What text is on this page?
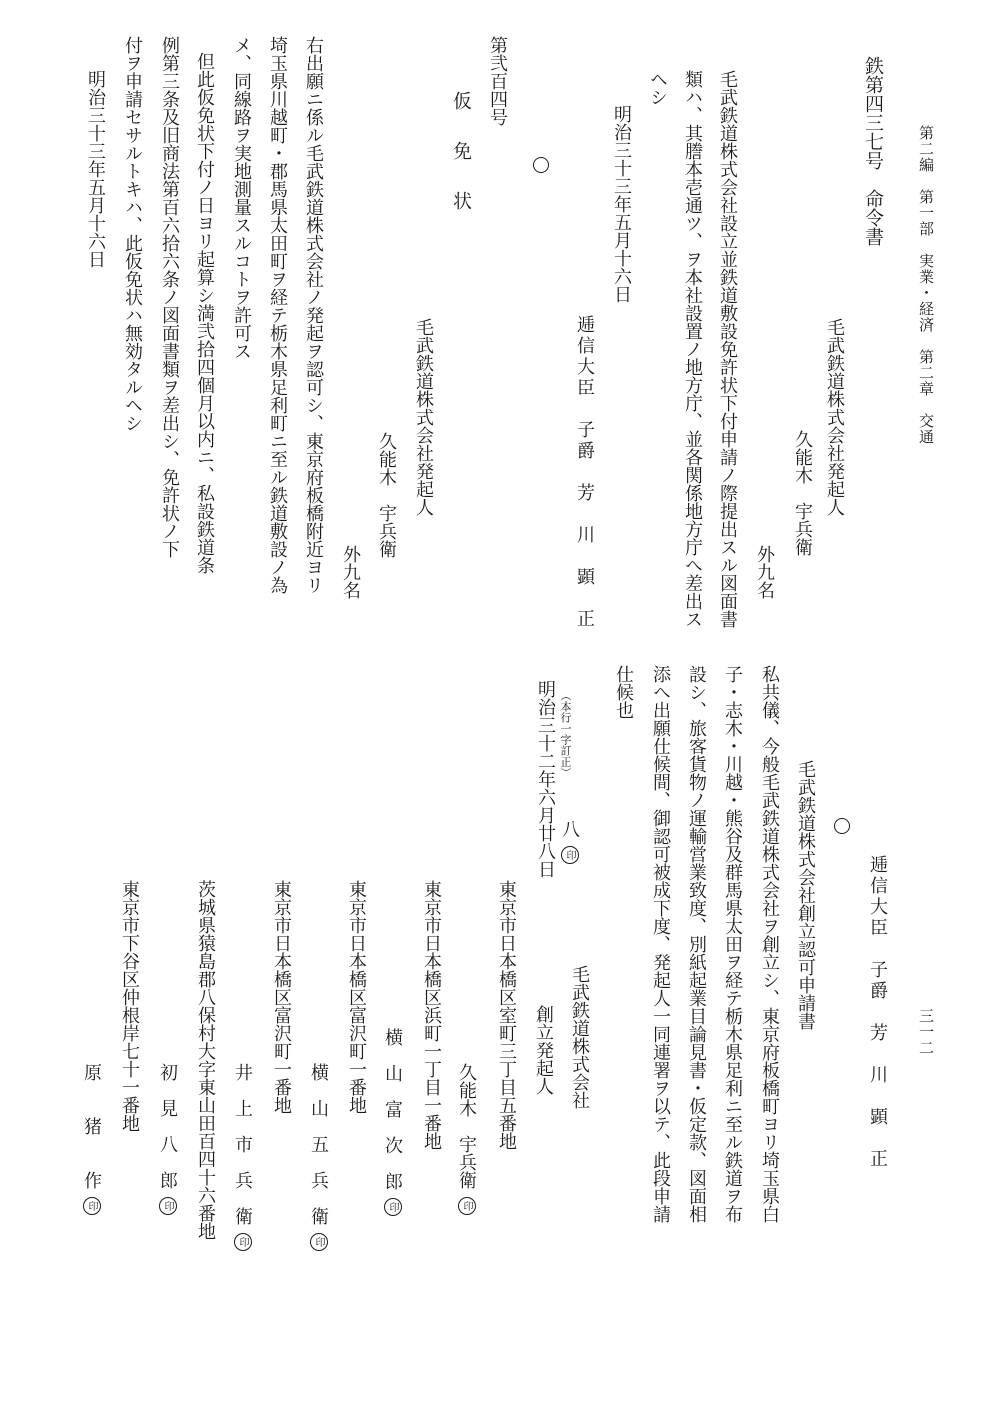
第二編　第一部　実業・経済　第二章　交通
三一二
鉄第四三七号　命令書
毛武鉄道株式会社発起人
久能木　宇兵衛
外九名
毛武鉄道株式会社設立並鉄道敷設免許状下付申請ノ際提出スル図面書
類ハ、其謄本壱通ツ、ヲ本社設置ノ地方庁、並各関係地方庁へ差出ス
ヘシ
明治三十三年五月十六日
逓信大臣　子爵　芳　川　顕　正
第弐百四号
仮　免　状
毛武鉄道株式会社発起人
久能木　宇兵衛
外九名
右出願ニ係ル毛武鉄道株式会社ノ発起ヲ認可シ、東京府板橋附近ヨリ
埼玉県川越町・郡馬県太田町ヲ経テ栃木県足利町ニ至ル鉄道敷設ノ為
メ、同線路ヲ実地測量スルコトヲ許可ス
但此仮免状下付ノ日ヨリ起算シ満弐拾四個月以内ニ、私設鉄道条
例第三条及旧商法第百六拾六条ノ図面書類ヲ差出シ、免許状ノ下
付ヲ申請セサルトキハ、此仮免状ハ無効タルヘシ
明治三十三年五月十六日
逓信大臣　子爵　芳　川　顕　正
毛武鉄道株式会社創立認可申請書
私共儀、今般毛武鉄道株式会社ヲ創立シ、東京府板橋町ヨリ埼玉県白
子・志木・川越・熊谷及群馬県太田ヲ経テ栃木県足利ニ至ル鉄道ヲ布
設シ、旅客貨物ノ運輸営業致度、別紙起業目論見書・仮定款、図面相
添へ出願仕候間、御認可被成下度、発起人一同連署ヲ以テ、此段申請
仕候也
（本行一字訂正）
明治三十二年六月廿八日 八印
毛武鉄道株式会社
創立発起人
東京市日本橋区室町三丁目五番地
久能木　宇兵衛印
東京市日本橋区浜町一丁目一番地
横　山　富　次　郎印
東京市日本橋区富沢町一番地
横　山　五　兵　衛印
東京市日本橋区富沢町一番地
井　上　市　兵　衛印
茨城県猿島郡八保村大字東山田百四十六番地
初　見　八　郎印
東京市下谷区仲根岸七十一番地
原　　猪　　作印
